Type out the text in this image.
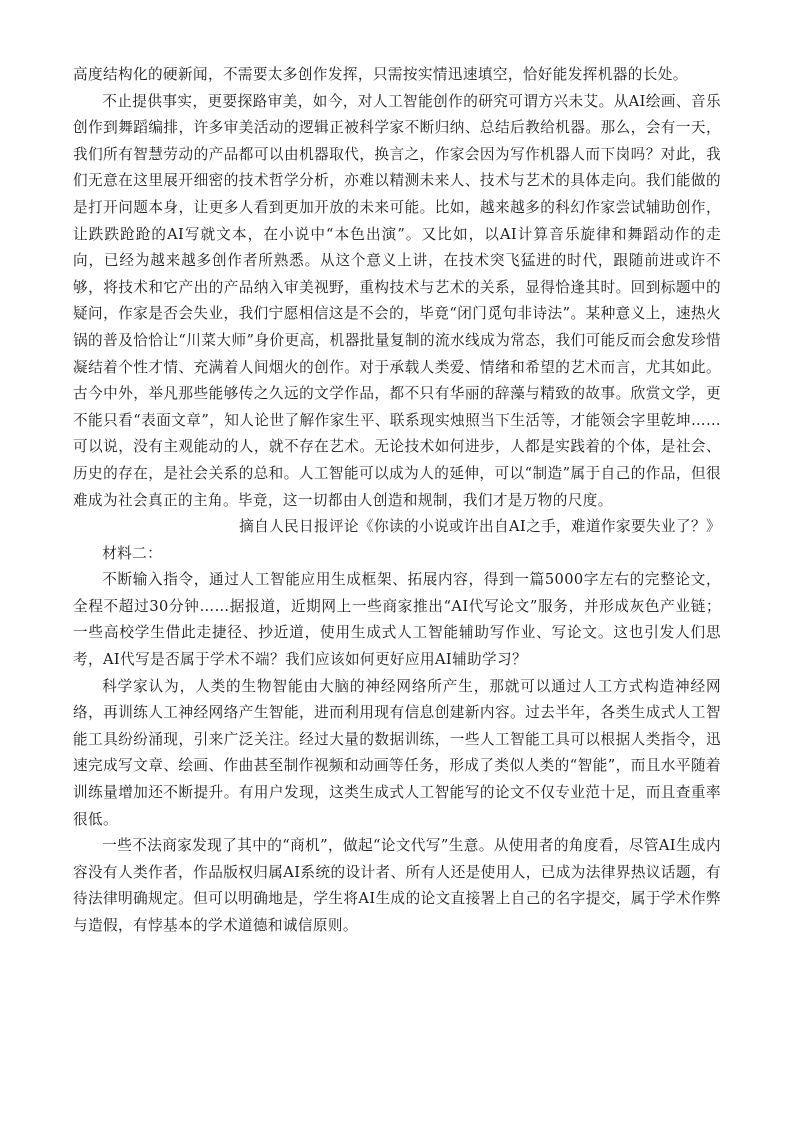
高度结构化的硬新闻，不需要太多创作发挥，只需按实情迅速填空，恰好能发挥机器的长处。

不止提供事实，更要探路审美，如今，对人工智能创作的研究可谓方兴未艾。从AI绘画、音乐创作到舞蹈编排，许多审美活动的逻辑正被科学家不断归纳、总结后教给机器。那么，会有一天，我们所有智慧劳动的产品都可以由机器取代，换言之，作家会因为写作机器人而下岗吗？对此，我们无意在这里展开细密的技术哲学分析，亦难以精测未来人、技术与艺术的具体走向。我们能做的是打开问题本身，让更多人看到更加开放的未来可能。比如，越来越多的科幻作家尝试辅助创作，让跌跌跄跄的AI写就文本，在小说中“本色出演”。又比如，以AI计算音乐旋律和舞蹈动作的走向，已经为越来越多创作者所熟悉。从这个意义上讲，在技术突飞猛进的时代，跟随前进或许不够，将技术和它产出的产品纳入审美视野，重构技术与艺术的关系，显得恰逢其时。回到标题中的疑问，作家是否会失业，我们宁愿相信这是不会的，毕竟“闭门觅句非诗法”。某种意义上，速热火锅的普及恰恰让“川菜大师”身价更高，机器批量复制的流水线成为常态，我们可能反而会愈发珍惜凝结着个性才情、充满着人间烟火的创作。对于承载人类爱、情绪和希望的艺术而言，尤其如此。古今中外，举凡那些能够传之久远的文学作品，都不只有华丽的辞藻与精致的故事。欣赏文学，更不能只看“表面文章”，知人论世了解作家生平、联系现实烛照当下生活等，才能领会字里乾坤……可以说，没有主观能动的人，就不存在艺术。无论技术如何进步，人都是实践着的个体，是社会、历史的存在，是社会关系的总和。人工智能可以成为人的延伸，可以“制造”属于自己的作品，但很难成为社会真正的主角。毕竟，这一切都由人创造和规制，我们才是万物的尺度。

摘自人民日报评论《你读的小说或许出自AI之手，难道作家要失业了？》

材料二：

不断输入指令，通过人工智能应用生成框架、拓展内容，得到一篇5000字左右的完整论文，全程不超过30分钟……据报道，近期网上一些商家推出“AI代写论文”服务，并形成灰色产业链；一些高校学生借此走捷径、抄近道，使用生成式人工智能辅助写作业、写论文。这也引发人们思考，AI代写是否属于学术不端？我们应该如何更好应用AI辅助学习？

科学家认为，人类的生物智能由大脑的神经网络所产生，那就可以通过人工方式构造神经网络，再训练人工神经网络产生智能，进而利用现有信息创建新内容。过去半年，各类生成式人工智能工具纷纷涌现，引来广泛关注。经过大量的数据训练，一些人工智能工具可以根据人类指令，迅速完成写文章、绘画、作曲甚至制作视频和动画等任务，形成了类似人类的“智能”，而且水平随着训练量增加还不断提升。有用户发现，这类生成式人工智能写的论文不仅专业范十足，而且查重率很低。

一些不法商家发现了其中的“商机”，做起“论文代写”生意。从使用者的角度看，尽管AI生成内容没有人类作者，作品版权归属AI系统的设计者、所有人还是使用人，已成为法律界热议话题，有待法律明确规定。但可以明确地是，学生将AI生成的论文直接署上自己的名字提交，属于学术作弊与造假，有悖基本的学术道德和诚信原则。
